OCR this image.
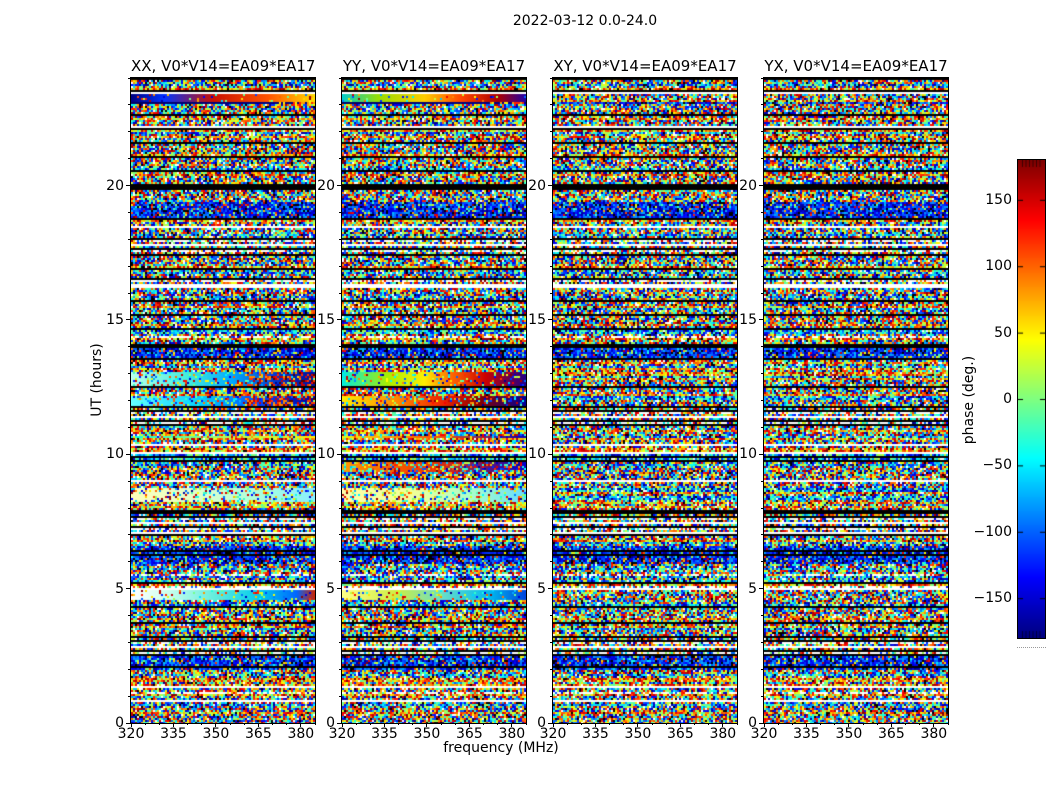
2022-03-12 0.0-24.0
frequency (MHz)
UT (hours)	phase (deg.)
XX, V0*V14=EA09*EA17
320	335	350	365	380
0
5
10
15
20
YY, V0*V14=EA09*EA17
320	335	350	365	380
0
5
10
15
20
XY, V0*V14=EA09*EA17
320	335	350	365	380
0
5
10
15
20
YX, V0*V14=EA09*EA17
320	335	350	365	380
0
5
10
15
20
150
100
50
0
−50
−100
−150
